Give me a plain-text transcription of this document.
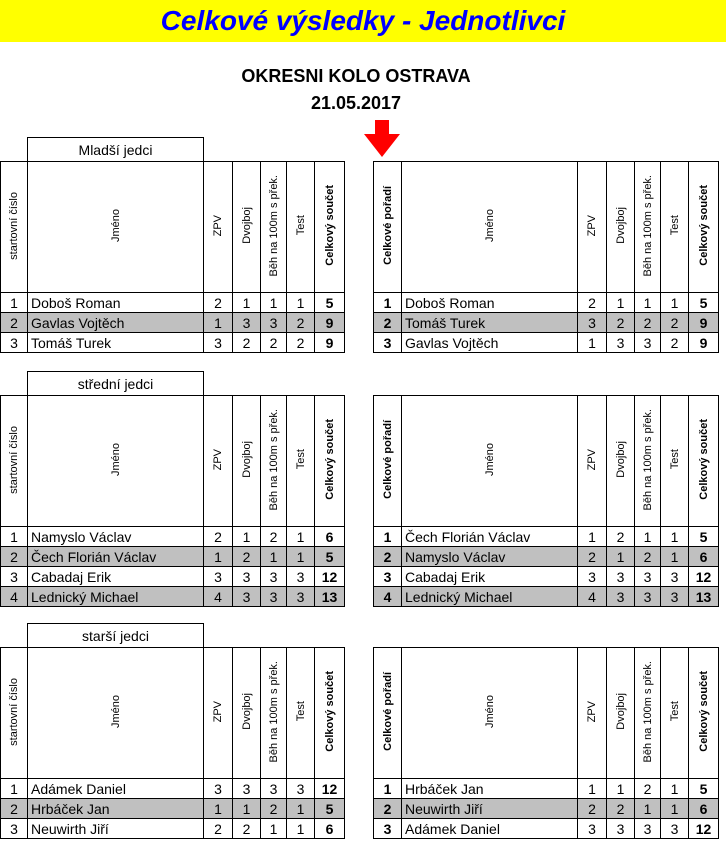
Celkové výsledky - Jednotlivci
OKRESNI KOLO OSTRAVA
21.05.2017
	Mladší jedci													
startovní číslo	Jméno	ZPV	Dvojboj	Běh na 100m s přek.	Test	Celkový součet		Celkové pořadí	Jméno	ZPV	Dvojboj	Běh na 100m s přek.	Test	Celkový součet
1	Doboš Roman	2	1	1	1	5		1	Doboš Roman	2	1	1	1	5
2	Gavlas Vojtěch	1	3	3	2	9		2	Tomáš Turek	3	2	2	2	9
3	Tomáš Turek	3	2	2	2	9		3	Gavlas Vojtěch	1	3	3	2	9
	střední jedci													
startovní číslo	Jméno	ZPV	Dvojboj	Běh na 100m s přek.	Test	Celkový součet		Celkové pořadí	Jméno	ZPV	Dvojboj	Běh na 100m s přek.	Test	Celkový součet
1	Namyslo Václav	2	1	2	1	6		1	Čech Florián Václav	1	2	1	1	5
2	Čech Florián Václav	1	2	1	1	5		2	Namyslo Václav	2	1	2	1	6
3	Cabadaj Erik	3	3	3	3	12		3	Cabadaj Erik	3	3	3	3	12
4	Lednický Michael	4	3	3	3	13		4	Lednický Michael	4	3	3	3	13
	starší jedci													
startovní číslo	Jméno	ZPV	Dvojboj	Běh na 100m s přek.	Test	Celkový součet		Celkové pořadí	Jméno	ZPV	Dvojboj	Běh na 100m s přek.	Test	Celkový součet
1	Adámek Daniel	3	3	3	3	12		1	Hrbáček Jan	1	1	2	1	5
2	Hrbáček Jan	1	1	2	1	5		2	Neuwirth Jiří	2	2	1	1	6
3	Neuwirth Jiří	2	2	1	1	6		3	Adámek Daniel	3	3	3	3	12
